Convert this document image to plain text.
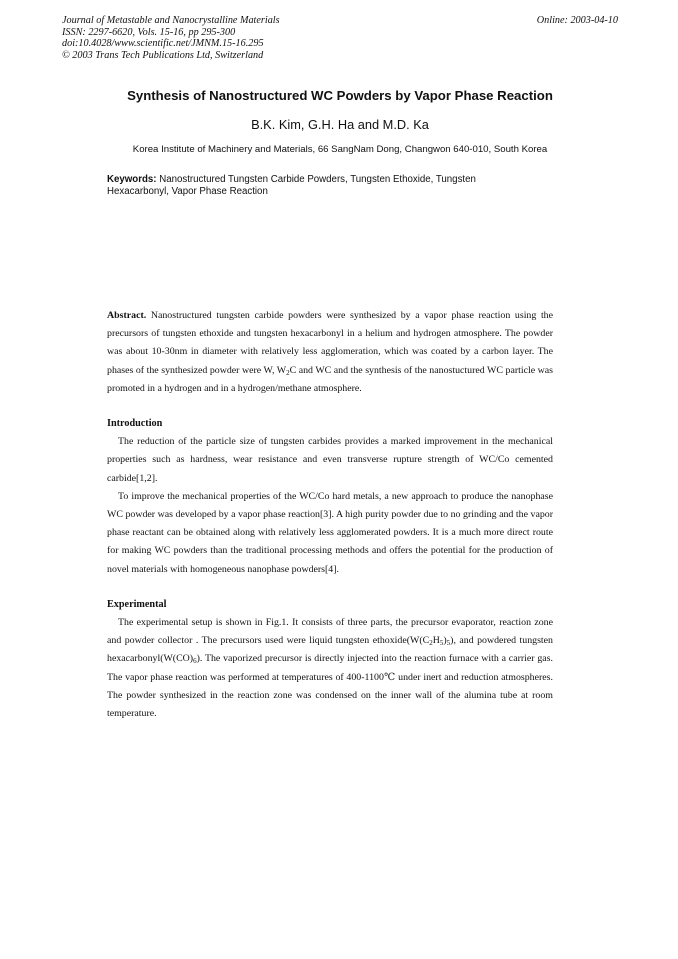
Journal of Metastable and Nanocrystalline Materials
ISSN: 2297-6620, Vols. 15-16, pp 295-300
doi:10.4028/www.scientific.net/JMNM.15-16.295
© 2003 Trans Tech Publications Ltd, Switzerland
Online: 2003-04-10
Synthesis of Nanostructured WC Powders by Vapor Phase Reaction
B.K. Kim, G.H. Ha and M.D. Ka
Korea Institute of Machinery and Materials, 66 SangNam Dong, Changwon 640-010, South Korea
Keywords: Nanostructured Tungsten Carbide Powders, Tungsten Ethoxide, Tungsten Hexacarbonyl, Vapor Phase Reaction

Abstract. Nanostructured tungsten carbide powders were synthesized by a vapor phase reaction using the precursors of tungsten ethoxide and tungsten hexacarbonyl in a helium and hydrogen atmosphere. The powder was about 10-30nm in diameter with relatively less agglomeration, which was coated by a carbon layer. The phases of the synthesized powder were W, $W_2C$ and WC and the synthesis of the nanostuctured WC particle was promoted in a hydrogen and in a hydrogen/methane atmosphere.

Introduction

The reduction of the particle size of tungsten carbides provides a marked improvement in the mechanical properties such as hardness, wear resistance and even transverse rupture strength of WC/Co cemented carbide[1,2].

To improve the mechanical properties of the WC/Co hard metals, a new approach to produce the nanophase WC powder was developed by a vapor phase reaction[3]. A high purity powder due to no grinding and the vapor phase reactant can be obtained along with relatively less agglomerated powders. It is a much more direct route for making WC powders than the traditional processing methods and offers the potential for the production of novel materials with homogeneous nanophase powders[4].

Experimental

The experimental setup is shown in Fig.1. It consists of three parts, the precursor evaporator, reaction zone and powder collector . The precursors used were liquid tungsten $ethoxide(W(C_2H_5)_5)$, and powdered tungsten $hexacarbonyl(W(CO)_6)$. The vaporized precursor is directly injected into the reaction furnace with a carrier gas. The vapor phase reaction was performed at temperatures of 400-1100℃ under inert and reduction atmospheres. The powder synthesized in the reaction zone was condensed on the inner wall of the alumina tube at room temperature.
